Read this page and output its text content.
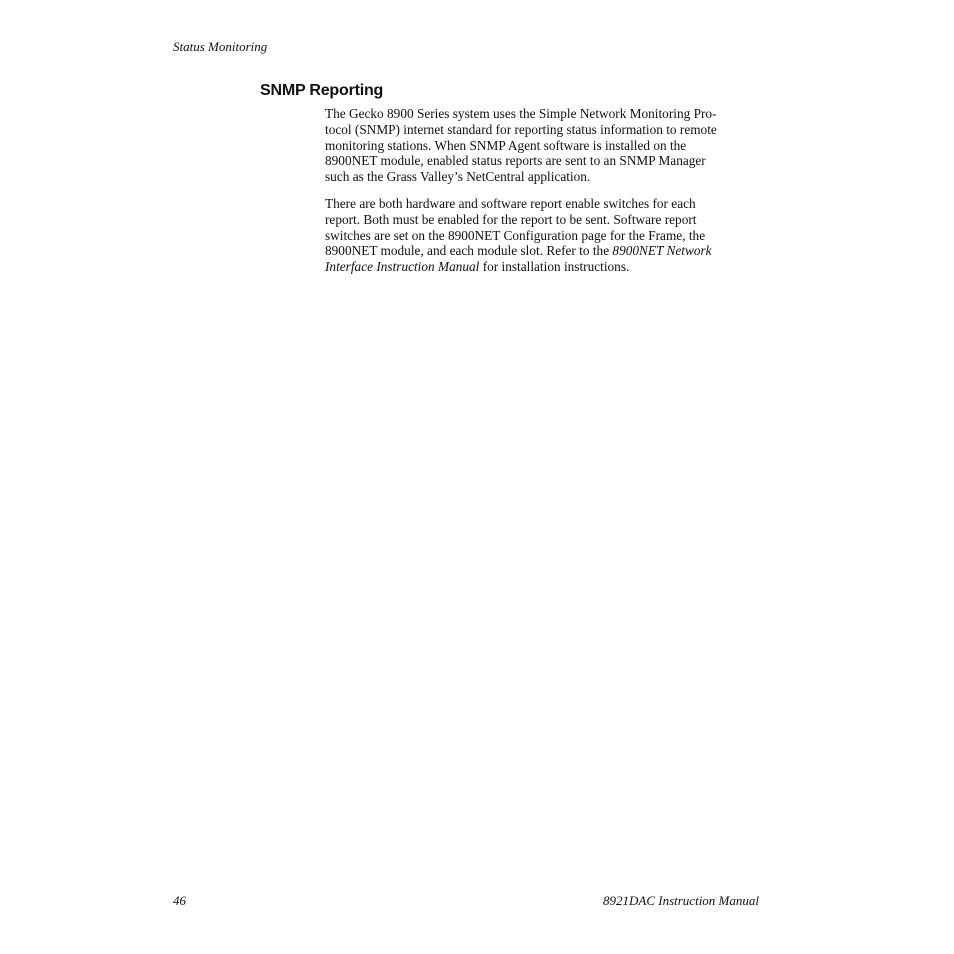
Status Monitoring
SNMP Reporting

The Gecko 8900 Series system uses the Simple Network Monitoring Pro-
tocol (SNMP) internet standard for reporting status information to remote
monitoring stations. When SNMP Agent software is installed on the
8900NET module, enabled status reports are sent to an SNMP Manager
such as the Grass Valley’s NetCentral application.

There are both hardware and software report enable switches for each
report. Both must be enabled for the report to be sent. Software report
switches are set on the 8900NET Configuration page for the Frame, the
8900NET module, and each module slot. Refer to the 8900NET Network
Interface Instruction Manual for installation instructions.

46	8921DAC Instruction Manual
